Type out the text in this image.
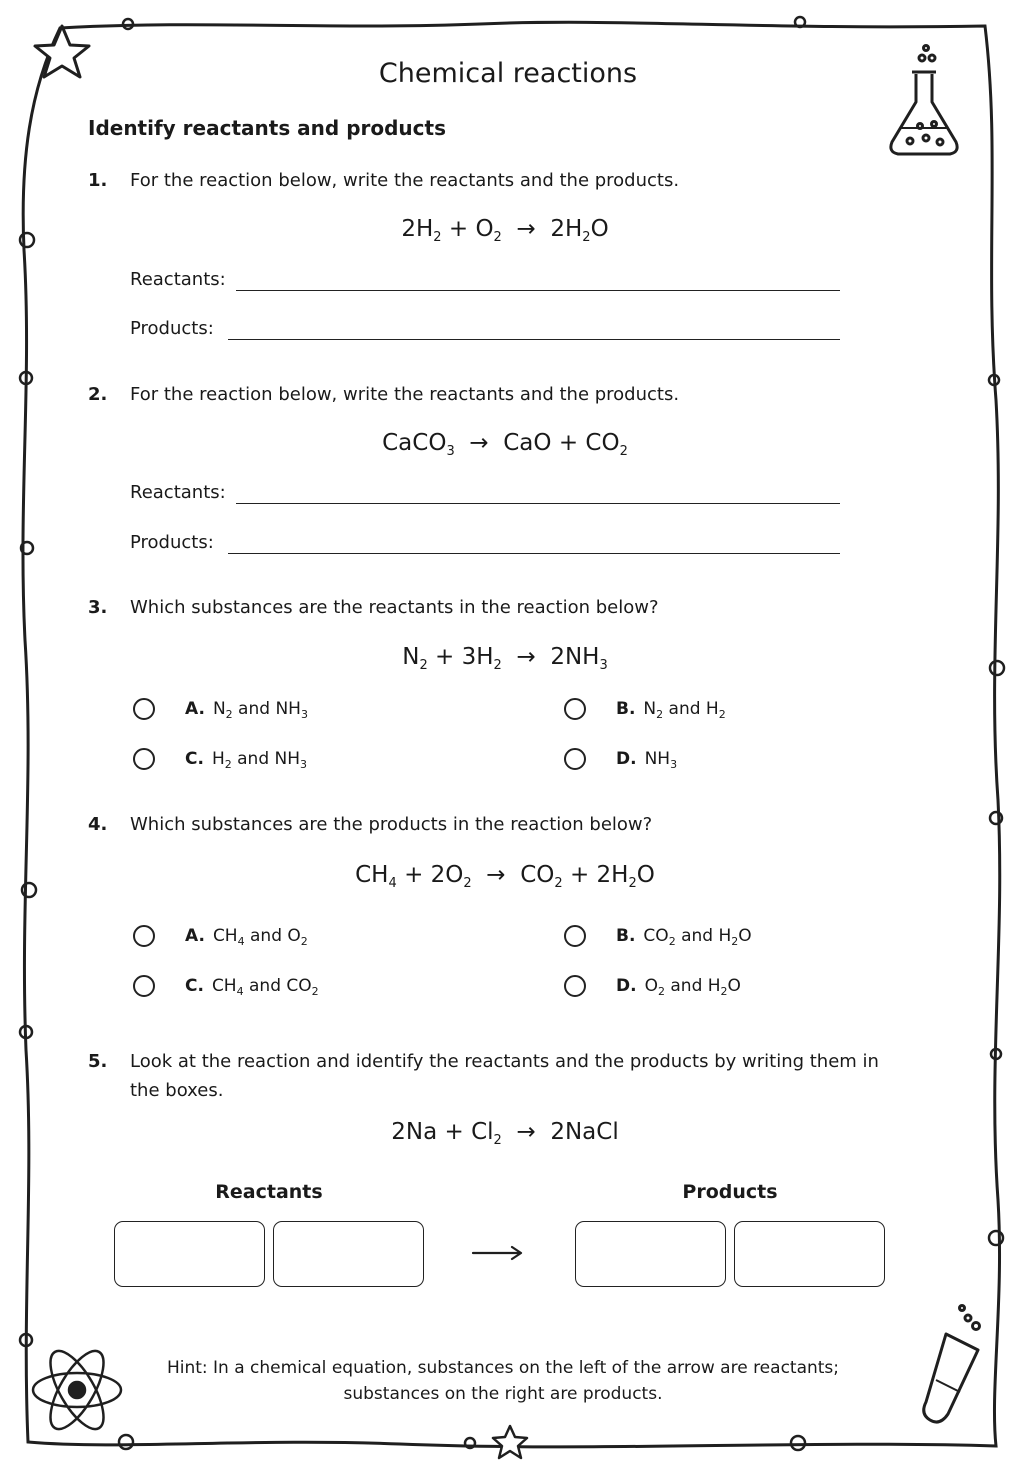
Chemical reactions
Identify reactants and products
1. For the reaction below, write the reactants and the products.
$2H_2 + O_2 \to 2H_2O$
Reactants:
Products:
2. For the reaction below, write the reactants and the products.
CaCO$_3$  →  CaO + $CO_2$
Reactants:
Products:
3. Which substances are the reactants in the reaction below?
$N_2 + 3H_2 \to 2NH_3$
A. $N_2$ and $NH_3$	B. $N_2$ and $H_2$
C. $H_2$ and $NH_3$	D. $NH_3$
4. Which substances are the products in the reaction below?
$CH_4 + 2O_2 \to CO_2 + 2H_2O$
A. $CH_4$ and $O_2$	B. $CO_2$ and $H_2O$
C. $CH_4$ and $CO_2$	D. $O_2$ and $H_2O$
5. Look at the reaction and identify the reactants and the products by writing them in the boxes.
$2Na + Cl_2$  →  2NaCl
Reactants	Products
Hint: In a chemical equation, substances on the left of the arrow are reactants;
substances on the right are products.
